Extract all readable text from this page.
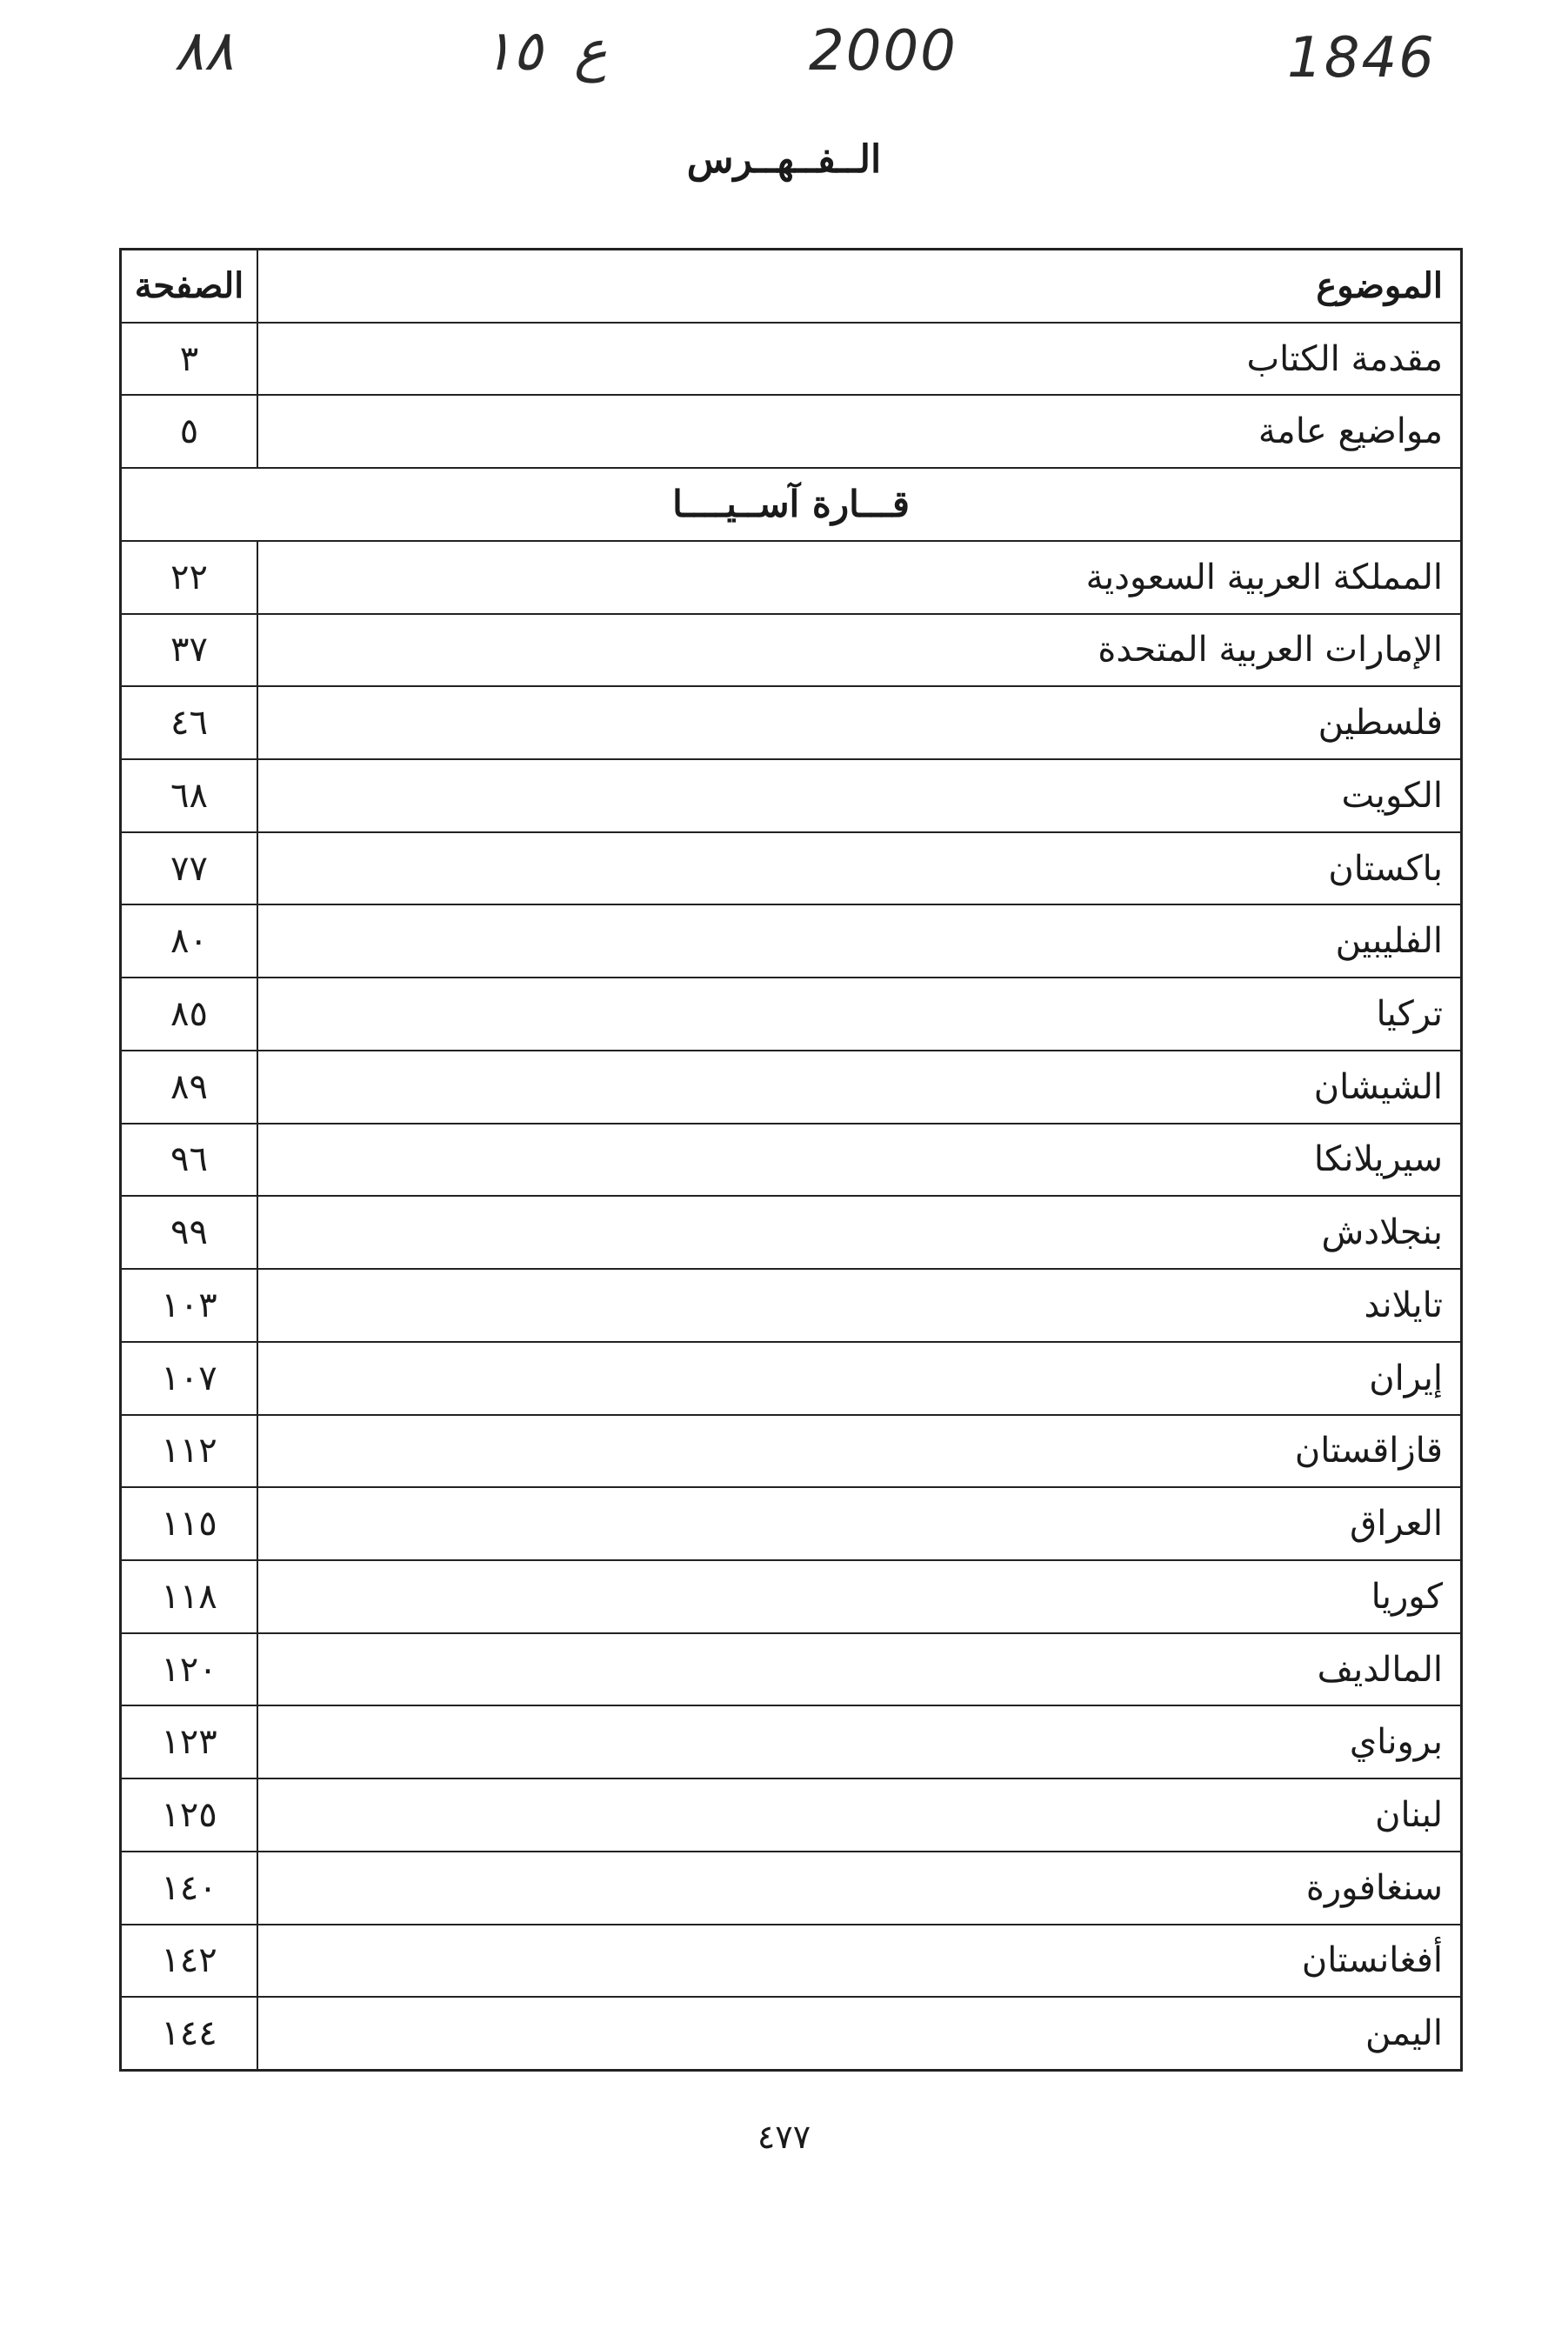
٨٨	١٥ ع	2000	1846
الــفــهــرس
الموضوع	الصفحة
مقدمة الكتاب	٣
مواضيع عامة	٥
قـــارة آســيــــا	
المملكة العربية السعودية	٢٢
الإمارات العربية المتحدة	٣٧
فلسطين	٤٦
الكويت	٦٨
باكستان	٧٧
الفليبين	٨٠
تركيا	٨٥
الشيشان	٨٩
سيريلانكا	٩٦
بنجلادش	٩٩
تايلاند	١٠٣
إيران	١٠٧
قازاقستان	١١٢
العراق	١١٥
كوريا	١١٨
المالديف	١٢٠
بروناي	١٢٣
لبنان	١٢٥
سنغافورة	١٤٠
أفغانستان	١٤٢
اليمن	١٤٤
٤٧٧
